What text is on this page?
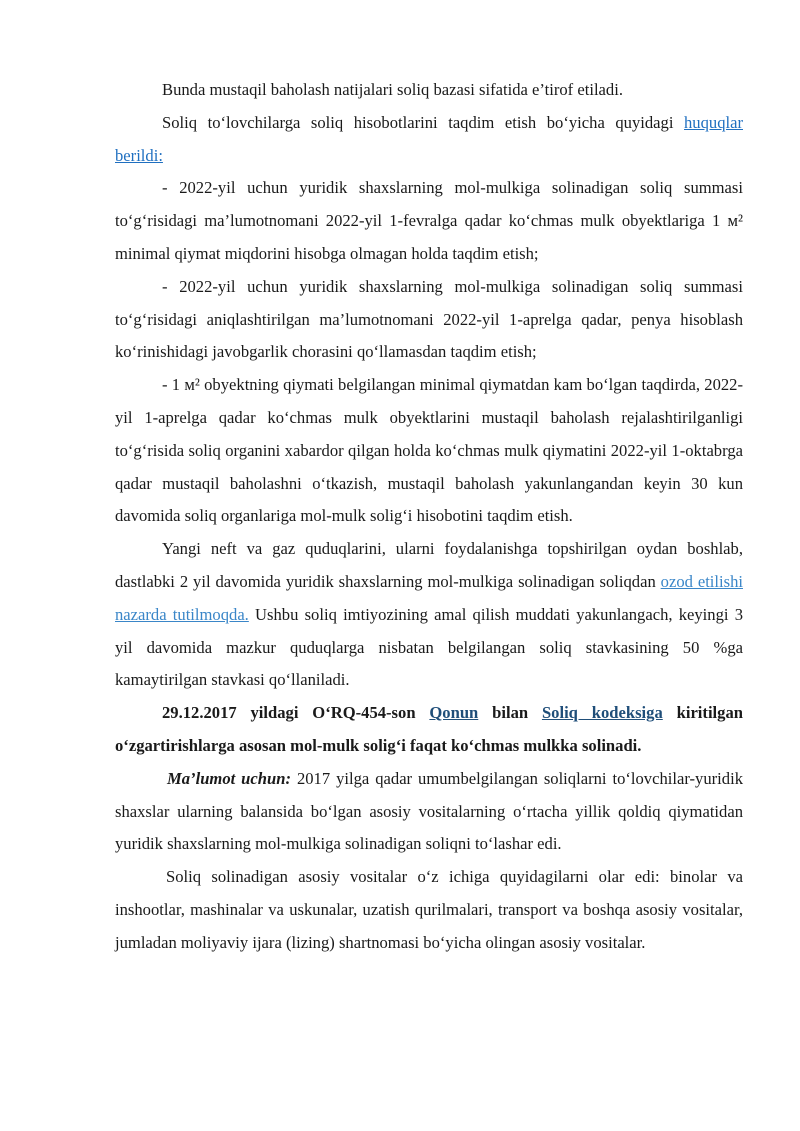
Bunda mustaqil baholash natijalari soliq bazasi sifatida e’tirof etiladi.

Soliq to‘lovchilarga soliq hisobotlarini taqdim etish bo‘yicha quyidagi huquqlar berildi:

- 2022-yil uchun yuridik shaxslarning mol-mulkiga solinadigan soliq summasi to‘g‘risidagi ma’lumotnomani 2022-yil 1-fevralga qadar ko‘chmas mulk obyektlariga 1 м² minimal qiymat miqdorini hisobga olmagan holda taqdim etish;

- 2022-yil uchun yuridik shaxslarning mol-mulkiga solinadigan soliq summasi to‘g‘risidagi aniqlashtirilgan ma’lumotnomani 2022-yil 1-aprelga qadar, penya hisoblash ko‘rinishidagi javobgarlik chorasini qo‘llamasdan taqdim etish;

- 1 м² obyektning qiymati belgilangan minimal qiymatdan kam bo‘lgan taqdirda, 2022-yil 1-aprelga qadar ko‘chmas mulk obyektlarini mustaqil baholash rejalashtirilganligi to‘g‘risida soliq organini xabardor qilgan holda ko‘chmas mulk qiymatini 2022-yil 1-oktabrga qadar mustaqil baholashni o‘tkazish, mustaqil baholash yakunlangandan keyin 30 kun davomida soliq organlariga mol-mulk solig‘i hisobotini taqdim etish.

Yangi neft va gaz quduqlarini, ularni foydalanishga topshirilgan oydan boshlab, dastlabki 2 yil davomida yuridik shaxslarning mol-mulkiga solinadigan soliqdan ozod etilishi nazarda tutilmoqda. Ushbu soliq imtiyozining amal qilish muddati yakunlangach, keyingi 3 yil davomida mazkur quduqlarga nisbatan belgilangan soliq stavkasining 50 %ga kamaytirilgan stavkasi qo‘llaniladi.

29.12.2017 yildagi O‘RQ-454-son Qonun bilan Soliq kodeksiga kiritilgan o‘zgartirishlarga asosan mol-mulk solig‘i faqat ko‘chmas mulkka solinadi.

Ma’lumot uchun: 2017 yilga qadar umumbelgilangan soliqlarni to‘lovchilar-yuridik shaxslar ularning balansida bo‘lgan asosiy vositalarning o‘rtacha yillik qoldiq qiymatidan yuridik shaxslarning mol-mulkiga solinadigan soliqni to‘lashar edi.

Soliq solinadigan asosiy vositalar o‘z ichiga quyidagilarni olar edi: binolar va inshootlar, mashinalar va uskunalar, uzatish qurilmalari, transport va boshqa asosiy vositalar, jumladan moliyaviy ijara (lizing) shartnomasi bo‘yicha olingan asosiy vositalar.
